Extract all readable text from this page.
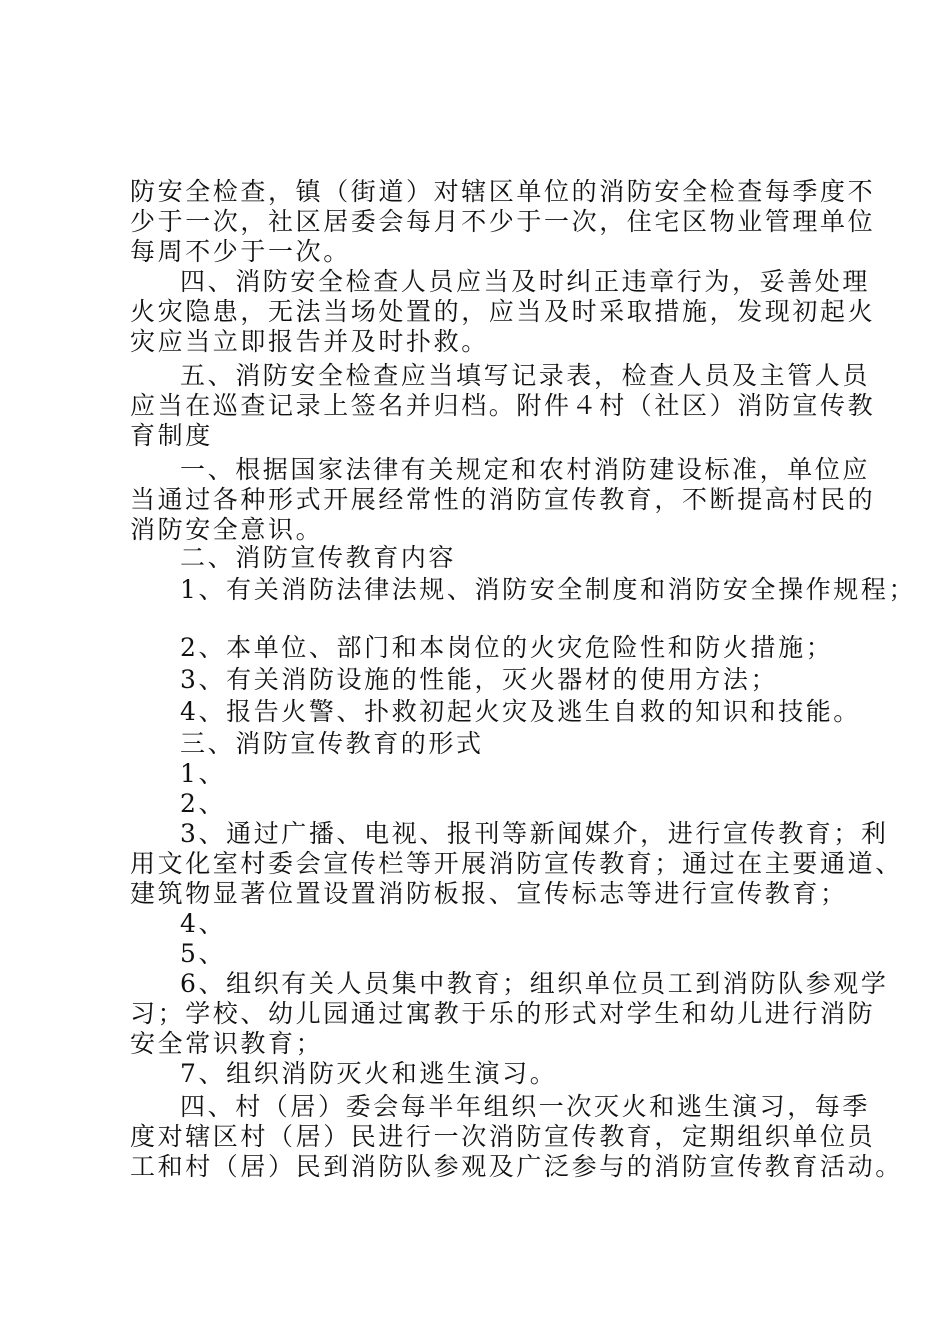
防安全检查，镇（街道）对辖区单位的消防安全检查每季度不
少于一次，社区居委会每月不少于一次，住宅区物业管理单位
每周不少于一次。
四、消防安全检查人员应当及时纠正违章行为，妥善处理
火灾隐患，无法当场处置的，应当及时采取措施，发现初起火
灾应当立即报告并及时扑救。
五、消防安全检查应当填写记录表，检查人员及主管人员
应当在巡查记录上签名并归档。附件４村（社区）消防宣传教
育制度
一、根据国家法律有关规定和农村消防建设标准，单位应
当通过各种形式开展经常性的消防宣传教育，不断提高村民的
消防安全意识。
二、消防宣传教育内容
1、有关消防法律法规、消防安全制度和消防安全操作规程；
2、本单位、部门和本岗位的火灾危险性和防火措施；
3、有关消防设施的性能，灭火器材的使用方法；
4、报告火警、扑救初起火灾及逃生自救的知识和技能。
三、消防宣传教育的形式
1、
2、
3、通过广播、电视、报刊等新闻媒介，进行宣传教育；利
用文化室村委会宣传栏等开展消防宣传教育；通过在主要通道、
建筑物显著位置设置消防板报、宣传标志等进行宣传教育；
4、
5、
6、组织有关人员集中教育；组织单位员工到消防队参观学
习；学校、幼儿园通过寓教于乐的形式对学生和幼儿进行消防
安全常识教育；
7、组织消防灭火和逃生演习。
四、村（居）委会每半年组织一次灭火和逃生演习，每季
度对辖区村（居）民进行一次消防宣传教育，定期组织单位员
工和村（居）民到消防队参观及广泛参与的消防宣传教育活动。
